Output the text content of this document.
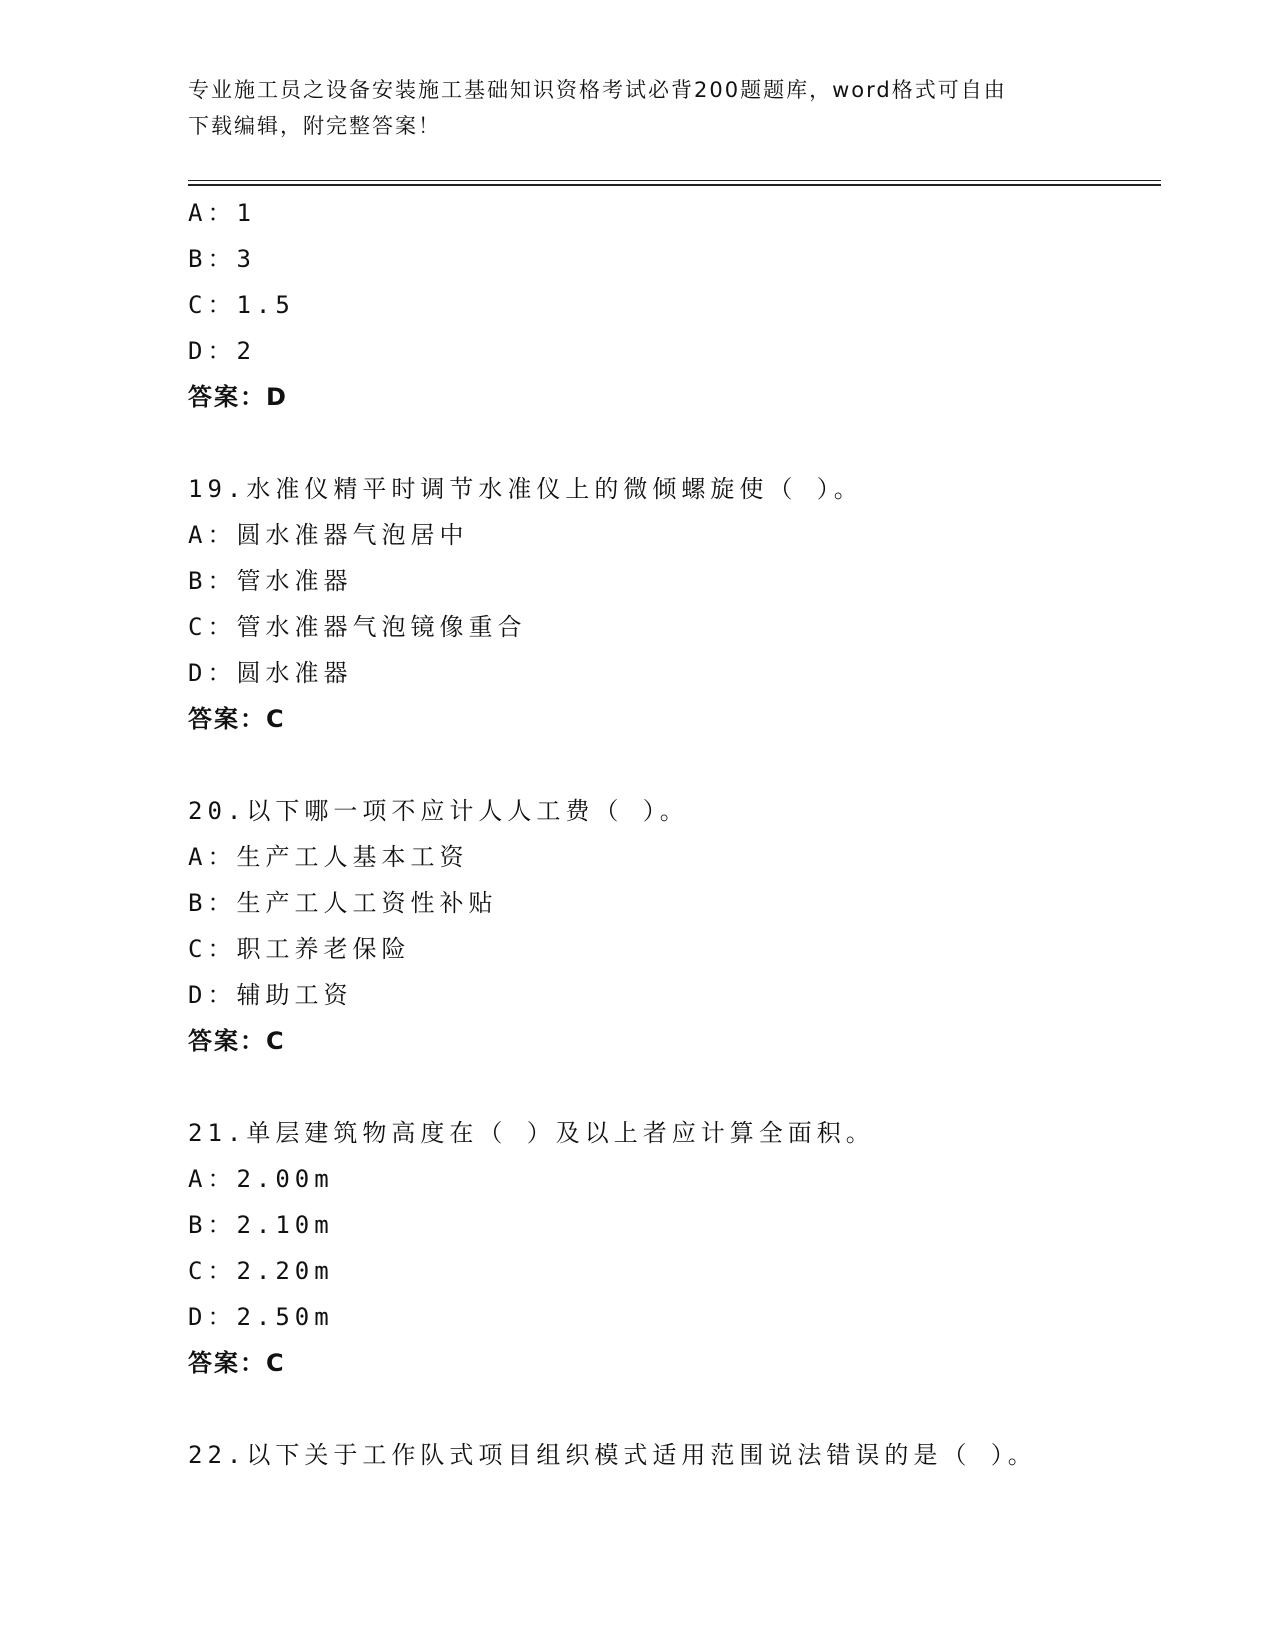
专业施工员之设备安装施工基础知识资格考试必背200题题库，word格式可自由
下载编辑，附完整答案！
A：1
B：3
C：1.5
D：2
答案：D
19.水准仪精平时调节水准仪上的微倾螺旋使（ ）。
A：圆水准器气泡居中
B：管水准器
C：管水准器气泡镜像重合
D：圆水准器
答案：C
20.以下哪一项不应计人人工费（ ）。
A：生产工人基本工资
B：生产工人工资性补贴
C：职工养老保险
D：辅助工资
答案：C
21.单层建筑物高度在（ ）及以上者应计算全面积。
A：2.00m
B：2.10m
C：2.20m
D：2.50m
答案：C
22.以下关于工作队式项目组织模式适用范围说法错误的是（ ）。
